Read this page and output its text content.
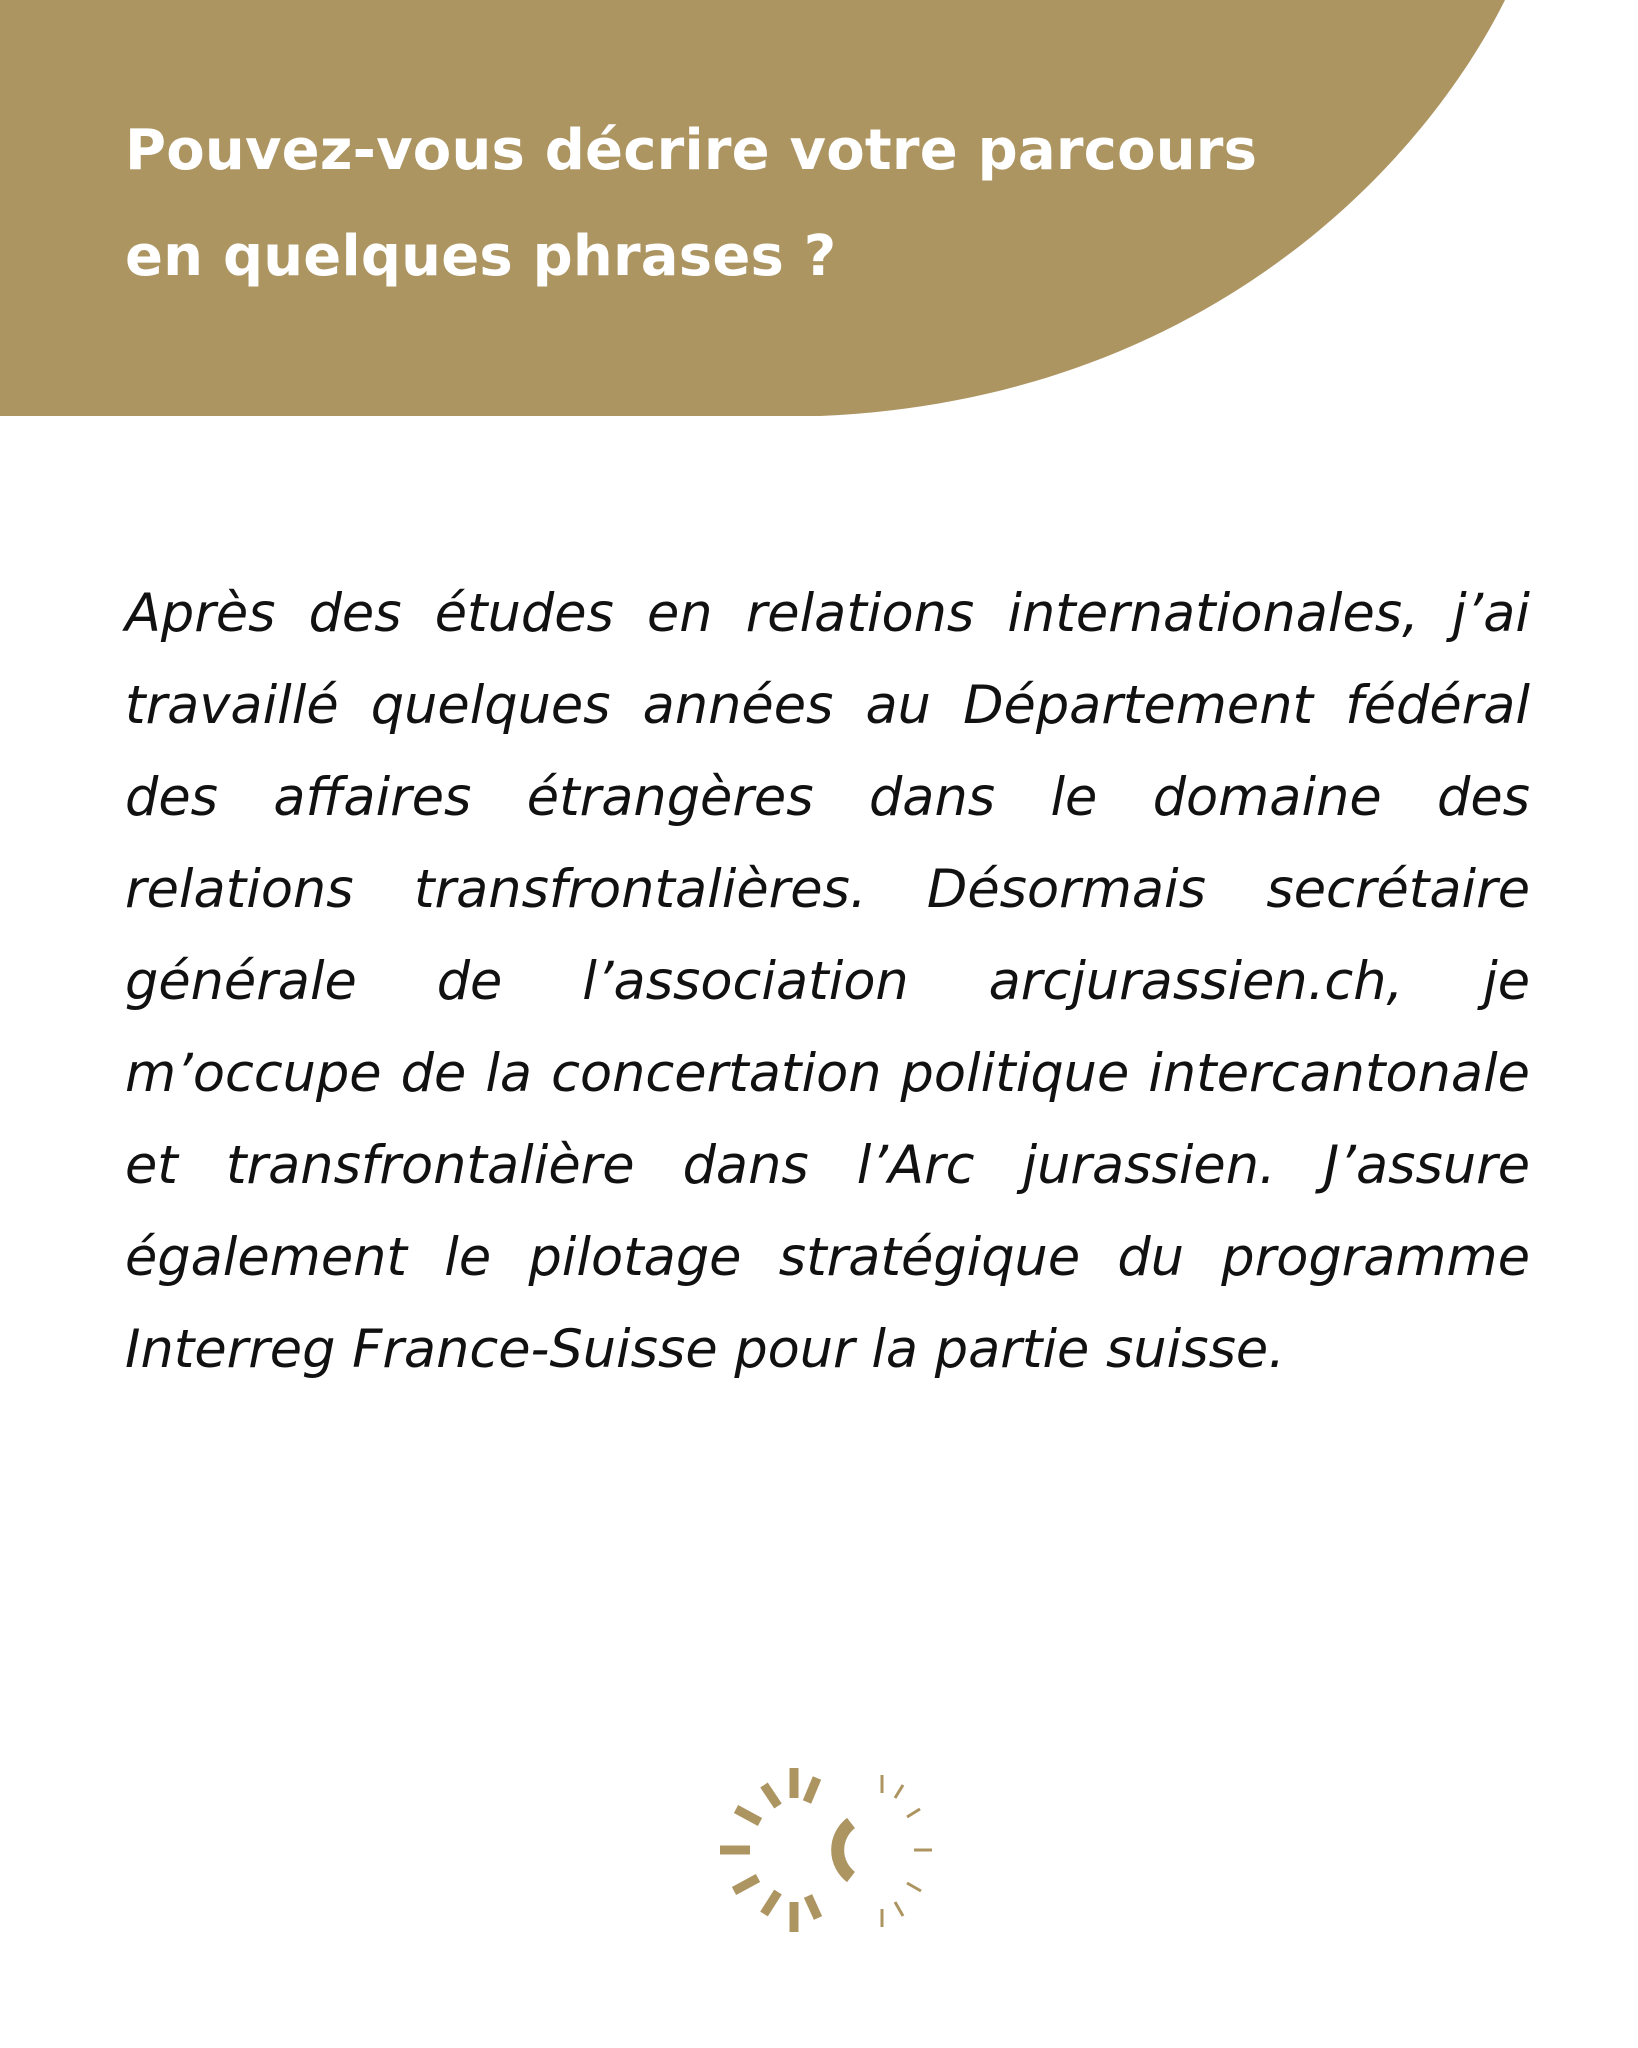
Pouvez-vous décrire votre parcours en quelques phrases ?

Après des études en relations internationales, j’ai travaillé quelques années au Département fédéral des affaires étrangères dans le domaine des relations transfrontalières. Désormais secrétaire générale de l’association arcjurassien.ch, je m’occupe de la concertation politique intercantonale et transfrontalière dans l’Arc jurassien. J’assure également le pilotage stratégique du programme Interreg France-Suisse pour la partie suisse.
